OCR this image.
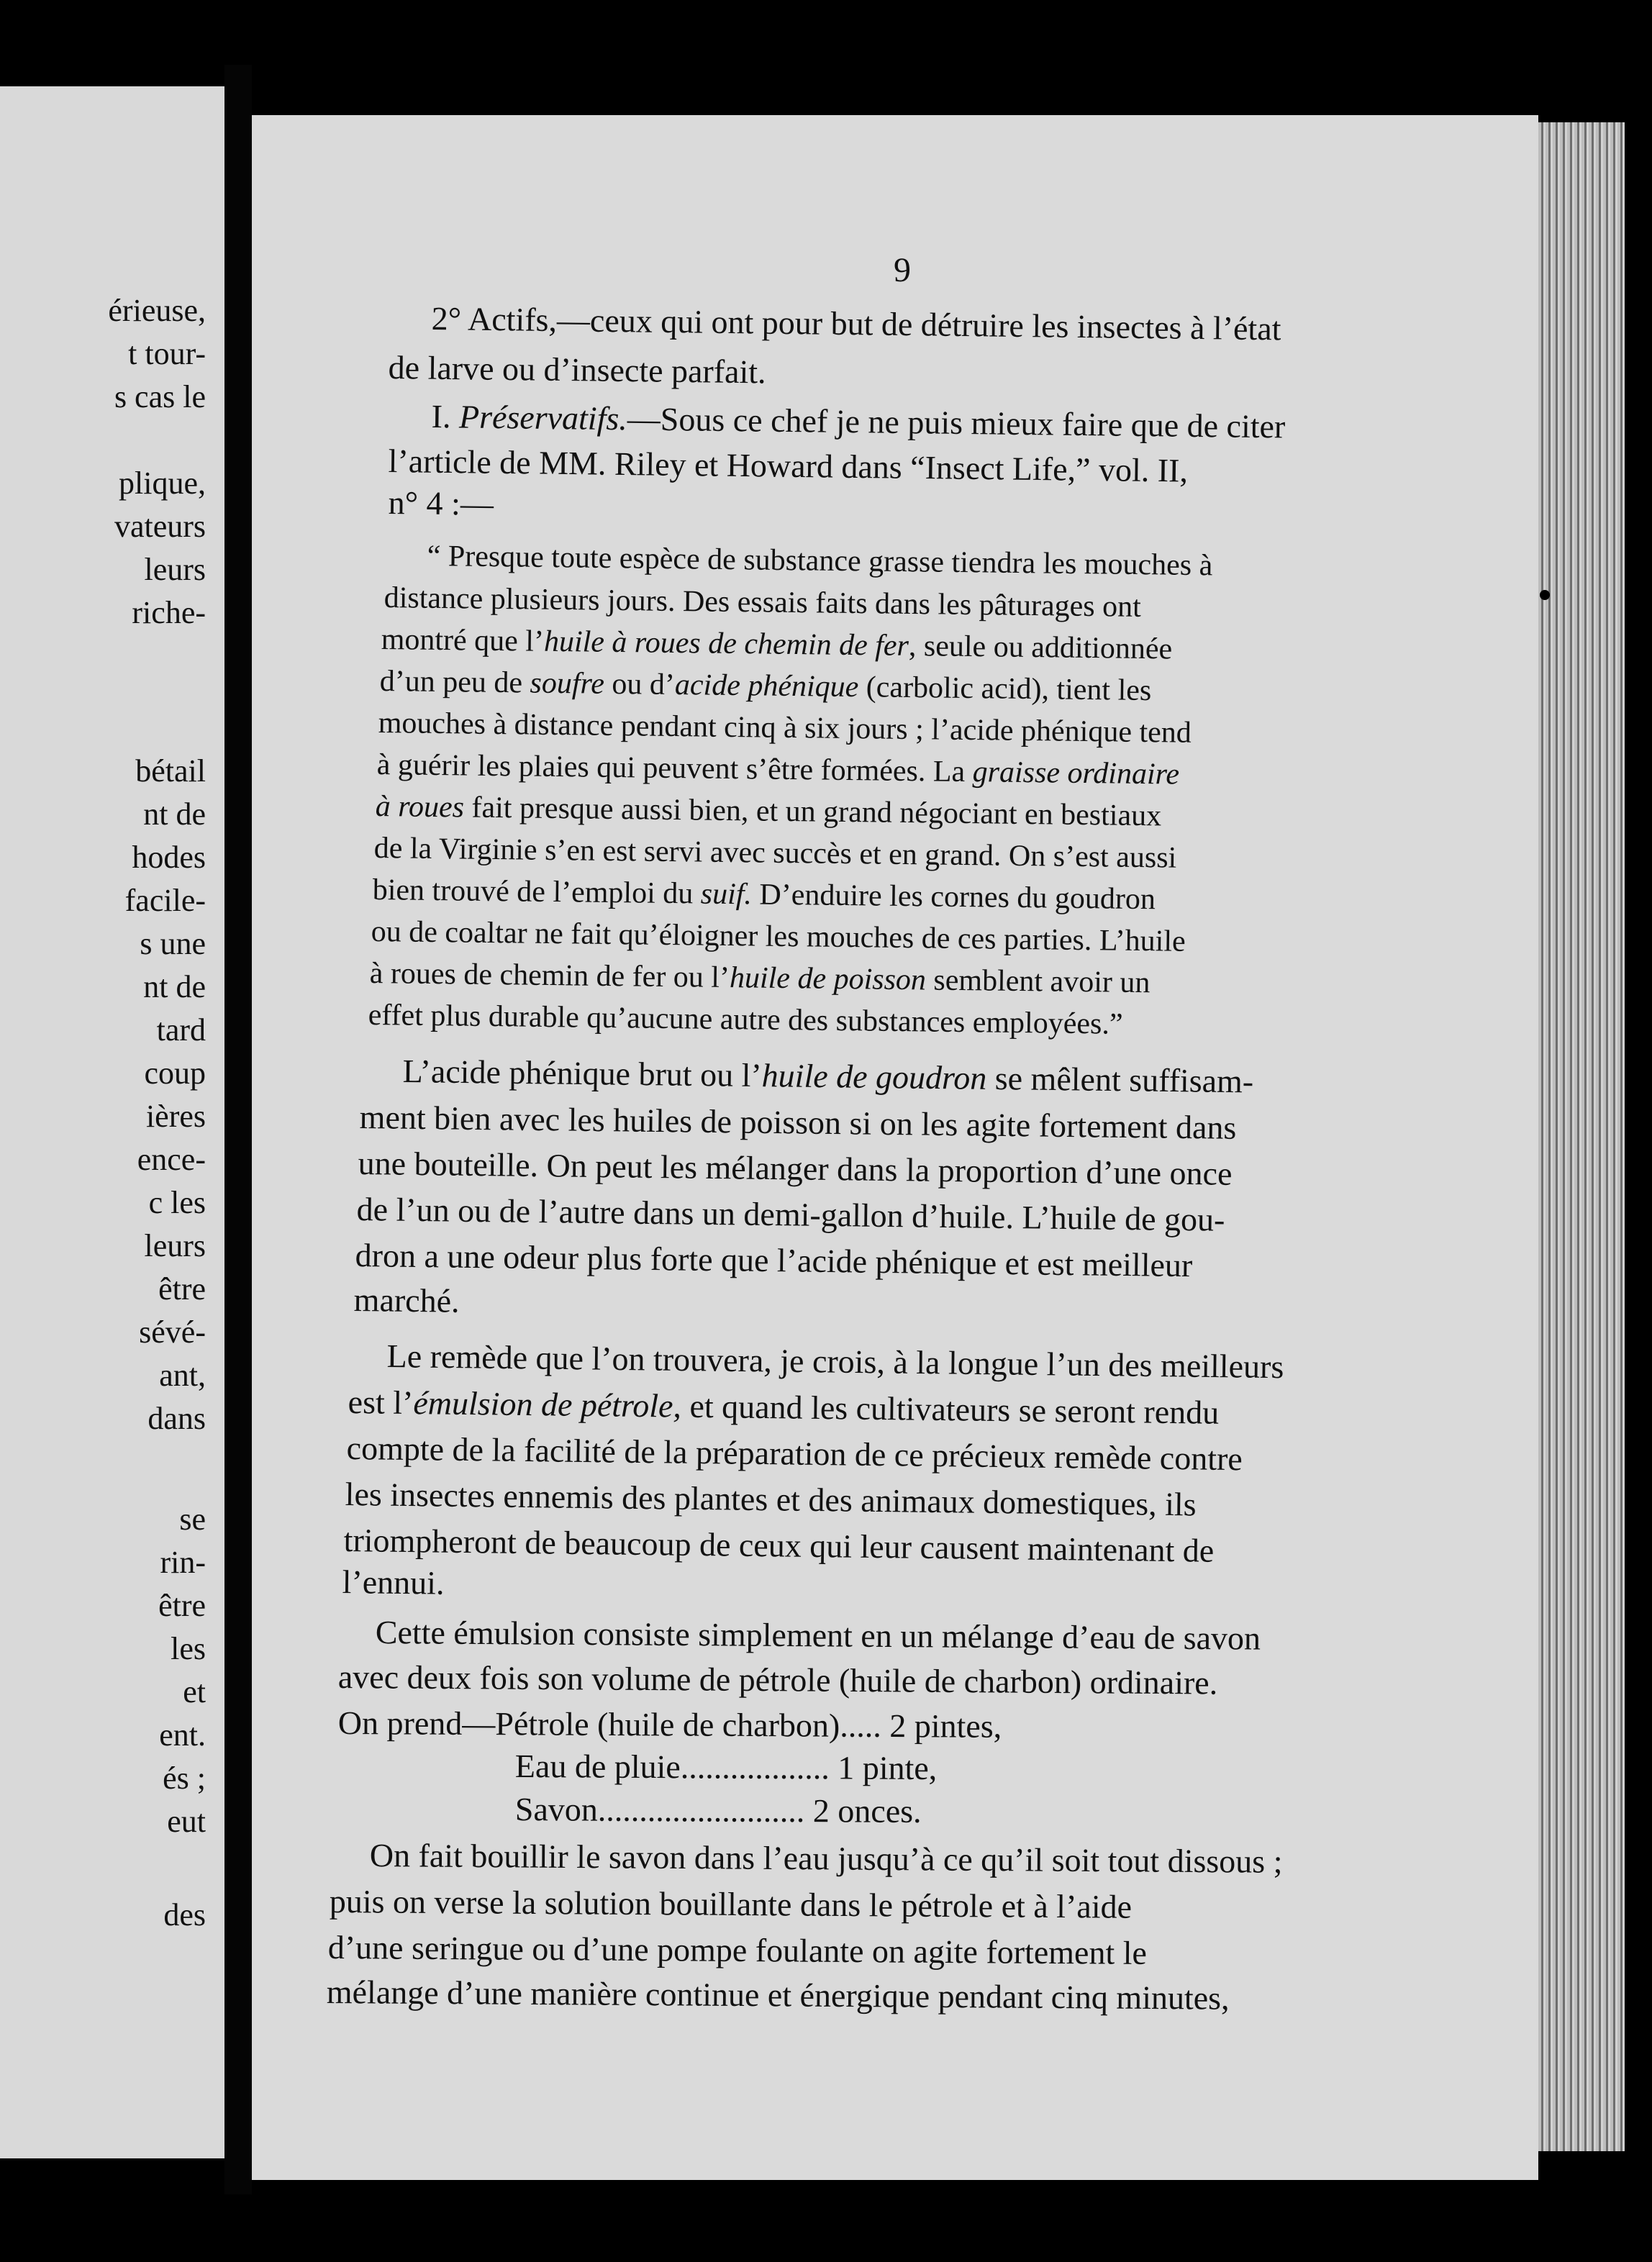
érieuse,
t tour-
s cas le
plique,
vateurs
leurs
riche-
bétail
nt de
hodes
facile-
s une
nt de
tard
coup
ières
ence-
c les
leurs
être
sévé-
ant,
dans
se
rin-
être
les
et
ent.
és ;
eut
des
9
2° Actifs,—ceux qui ont pour but de détruire les insectes à l’état
de larve ou d’insecte parfait.
I. Préservatifs.—Sous ce chef je ne puis mieux faire que de citer
l’article de MM. Riley et Howard dans “Insect Life,” vol. II,
n° 4 :—
“ Presque toute espèce de substance grasse tiendra les mouches à
distance plusieurs jours. Des essais faits dans les pâturages ont
montré que l’huile à roues de chemin de fer, seule ou additionnée
d’un peu de soufre ou d’acide phénique (carbolic acid), tient les
mouches à distance pendant cinq à six jours ; l’acide phénique tend
à guérir les plaies qui peuvent s’être formées. La graisse ordinaire
à roues fait presque aussi bien, et un grand négociant en bestiaux
de la Virginie s’en est servi avec succès et en grand. On s’est aussi
bien trouvé de l’emploi du suif. D’enduire les cornes du goudron
ou de coaltar ne fait qu’éloigner les mouches de ces parties. L’huile
à roues de chemin de fer ou l’huile de poisson semblent avoir un
effet plus durable qu’aucune autre des substances employées.”
L’acide phénique brut ou l’huile de goudron se mêlent suffisam-
ment bien avec les huiles de poisson si on les agite fortement dans
une bouteille. On peut les mélanger dans la proportion d’une once
de l’un ou de l’autre dans un demi-gallon d’huile. L’huile de gou-
dron a une odeur plus forte que l’acide phénique et est meilleur
marché.
Le remède que l’on trouvera, je crois, à la longue l’un des meilleurs
est l’émulsion de pétrole, et quand les cultivateurs se seront rendu
compte de la facilité de la préparation de ce précieux remède contre
les insectes ennemis des plantes et des animaux domestiques, ils
triompheront de beaucoup de ceux qui leur causent maintenant de
l’ennui.
Cette émulsion consiste simplement en un mélange d’eau de savon
avec deux fois son volume de pétrole (huile de charbon) ordinaire.
On prend—Pétrole (huile de charbon)..... 2 pintes,
Eau de pluie.................. 1 pinte,
Savon......................... 2 onces.
On fait bouillir le savon dans l’eau jusqu’à ce qu’il soit tout dissous ;
puis on verse la solution bouillante dans le pétrole et à l’aide
d’une seringue ou d’une pompe foulante on agite fortement le
mélange d’une manière continue et énergique pendant cinq minutes,
